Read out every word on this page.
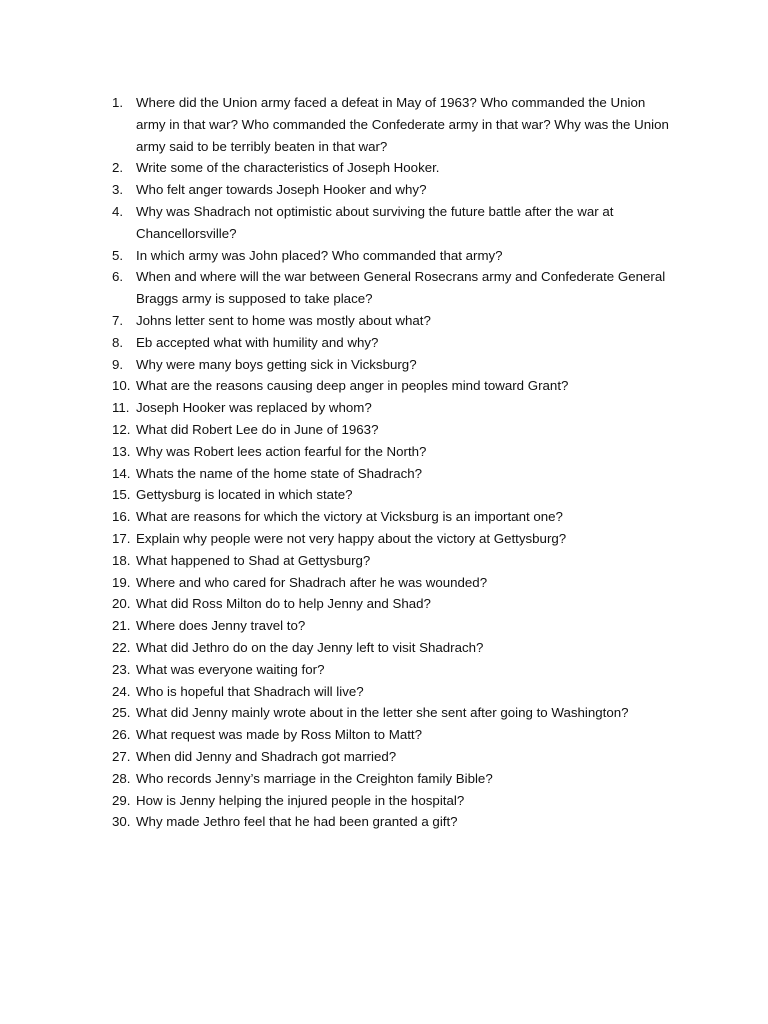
1. Where did the Union army faced a defeat in May of 1963? Who commanded the Union army in that war? Who commanded the Confederate army in that war? Why was the Union army said to be terribly beaten in that war?
2. Write some of the characteristics of Joseph Hooker.
3. Who felt anger towards Joseph Hooker and why?
4. Why was Shadrach not optimistic about surviving the future battle after the war at Chancellorsville?
5. In which army was John placed? Who commanded that army?
6. When and where will the war between General Rosecrans army and Confederate General Braggs army is supposed to take place?
7. Johns letter sent to home was mostly about what?
8. Eb accepted what with humility and why?
9. Why were many boys getting sick in Vicksburg?
10. What are the reasons causing deep anger in peoples mind toward Grant?
11. Joseph Hooker was replaced by whom?
12. What did Robert Lee do in June of 1963?
13. Why was Robert lees action fearful for the North?
14. Whats the name of the home state of Shadrach?
15. Gettysburg is located in which state?
16. What are reasons for which the victory at Vicksburg is an important one?
17. Explain why people were not very happy about the victory at Gettysburg?
18. What happened to Shad at Gettysburg?
19. Where and who cared for Shadrach after he was wounded?
20. What did Ross Milton do to help Jenny and Shad?
21. Where does Jenny travel to?
22. What did Jethro do on the day Jenny left to visit Shadrach?
23. What was everyone waiting for?
24. Who is hopeful that Shadrach will live?
25. What did Jenny mainly wrote about in the letter she sent after going to Washington?
26. What request was made by Ross Milton to Matt?
27. When did Jenny and Shadrach got married?
28. Who records Jenny’s marriage in the Creighton family Bible?
29. How is Jenny helping the injured people in the hospital?
30. Why made Jethro feel that he had been granted a gift?
